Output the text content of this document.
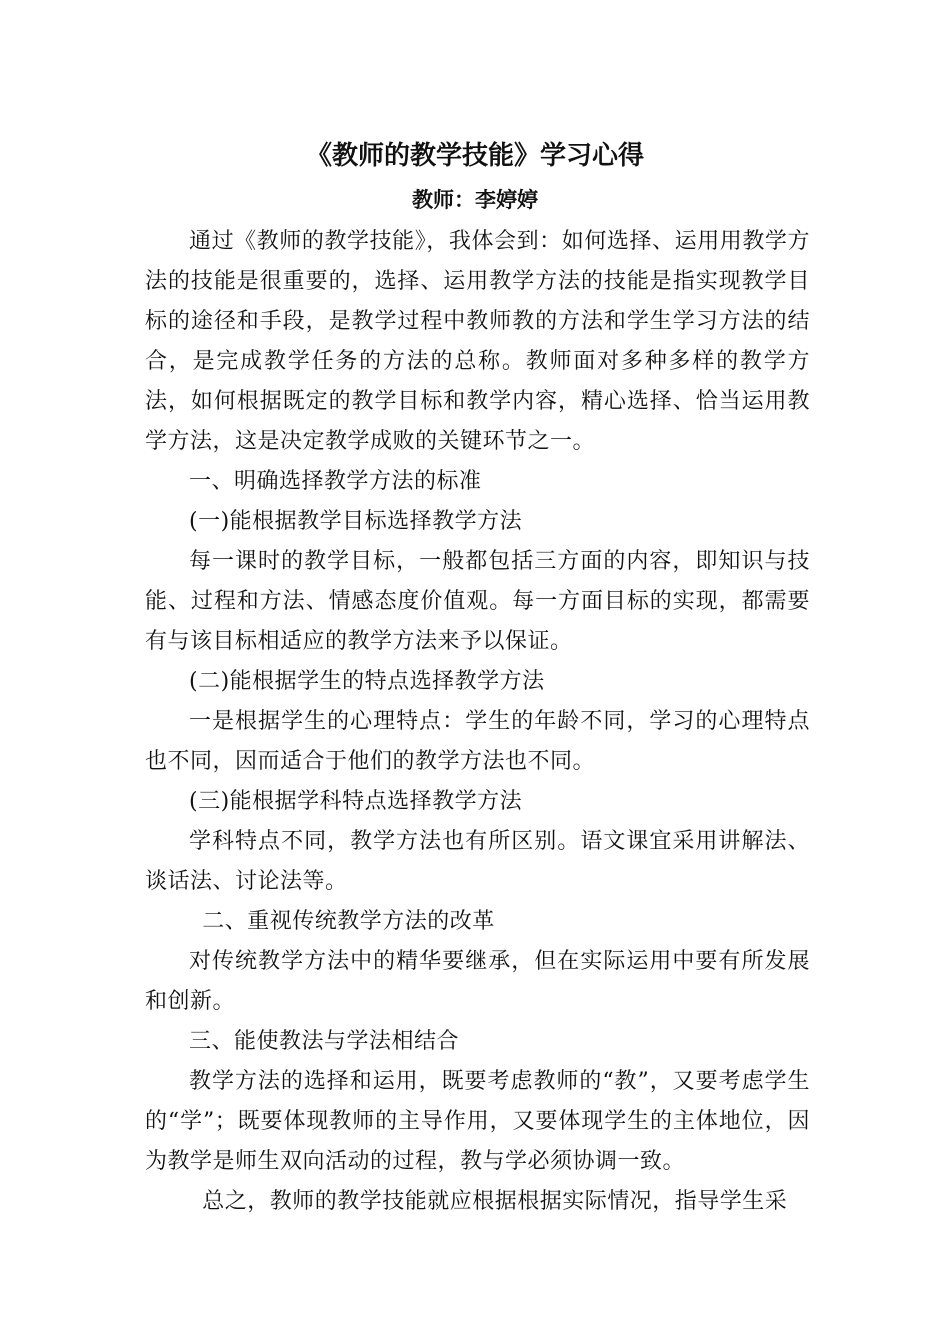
《教师的教学技能》学习心得
教师：李婷婷

通过《教师的教学技能》，我体会到：如何选择、运用用教学方法的技能是很重要的，选择、运用教学方法的技能是指实现教学目标的途径和手段，是教学过程中教师教的方法和学生学习方法的结合，是完成教学任务的方法的总称。教师面对多种多样的教学方法，如何根据既定的教学目标和教学内容，精心选择、恰当运用教学方法，这是决定教学成败的关键环节之一。

一、明确选择教学方法的标准

(一)能根据教学目标选择教学方法

每一课时的教学目标，一般都包括三方面的内容，即知识与技能、过程和方法、情感态度价值观。每一方面目标的实现，都需要有与该目标相适应的教学方法来予以保证。

(二)能根据学生的特点选择教学方法

一是根据学生的心理特点：学生的年龄不同，学习的心理特点也不同，因而适合于他们的教学方法也不同。

(三)能根据学科特点选择教学方法

学科特点不同，教学方法也有所区别。语文课宜采用讲解法、谈话法、讨论法等。

二、重视传统教学方法的改革

对传统教学方法中的精华要继承，但在实际运用中要有所发展和创新。

三、能使教法与学法相结合

教学方法的选择和运用，既要考虑教师的“教”，又要考虑学生的“学”；既要体现教师的主导作用，又要体现学生的主体地位，因为教学是师生双向活动的过程，教与学必须协调一致。

总之，教师的教学技能就应根据根据实际情况，指导学生采
